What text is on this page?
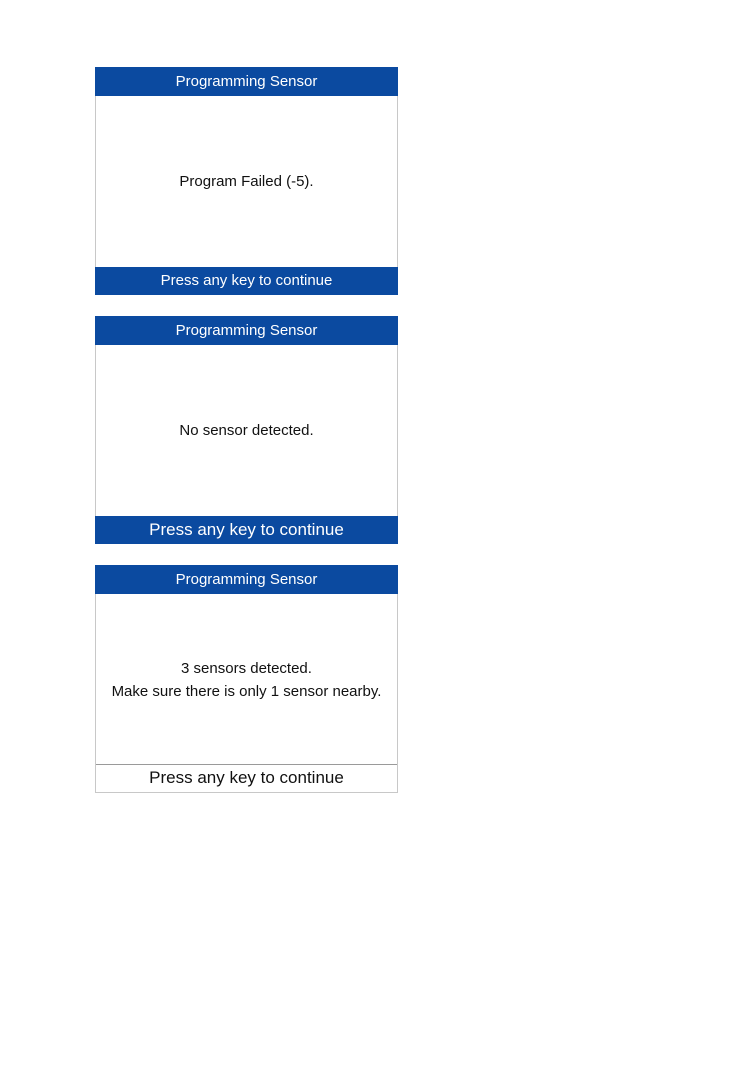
Programming Sensor
Program Failed (-5).
Press any key to continue
Programming Sensor
No sensor detected.
Press any key to continue
Programming Sensor
3 sensors detected.
Make sure there is only 1 sensor nearby.
Press any key to continue
